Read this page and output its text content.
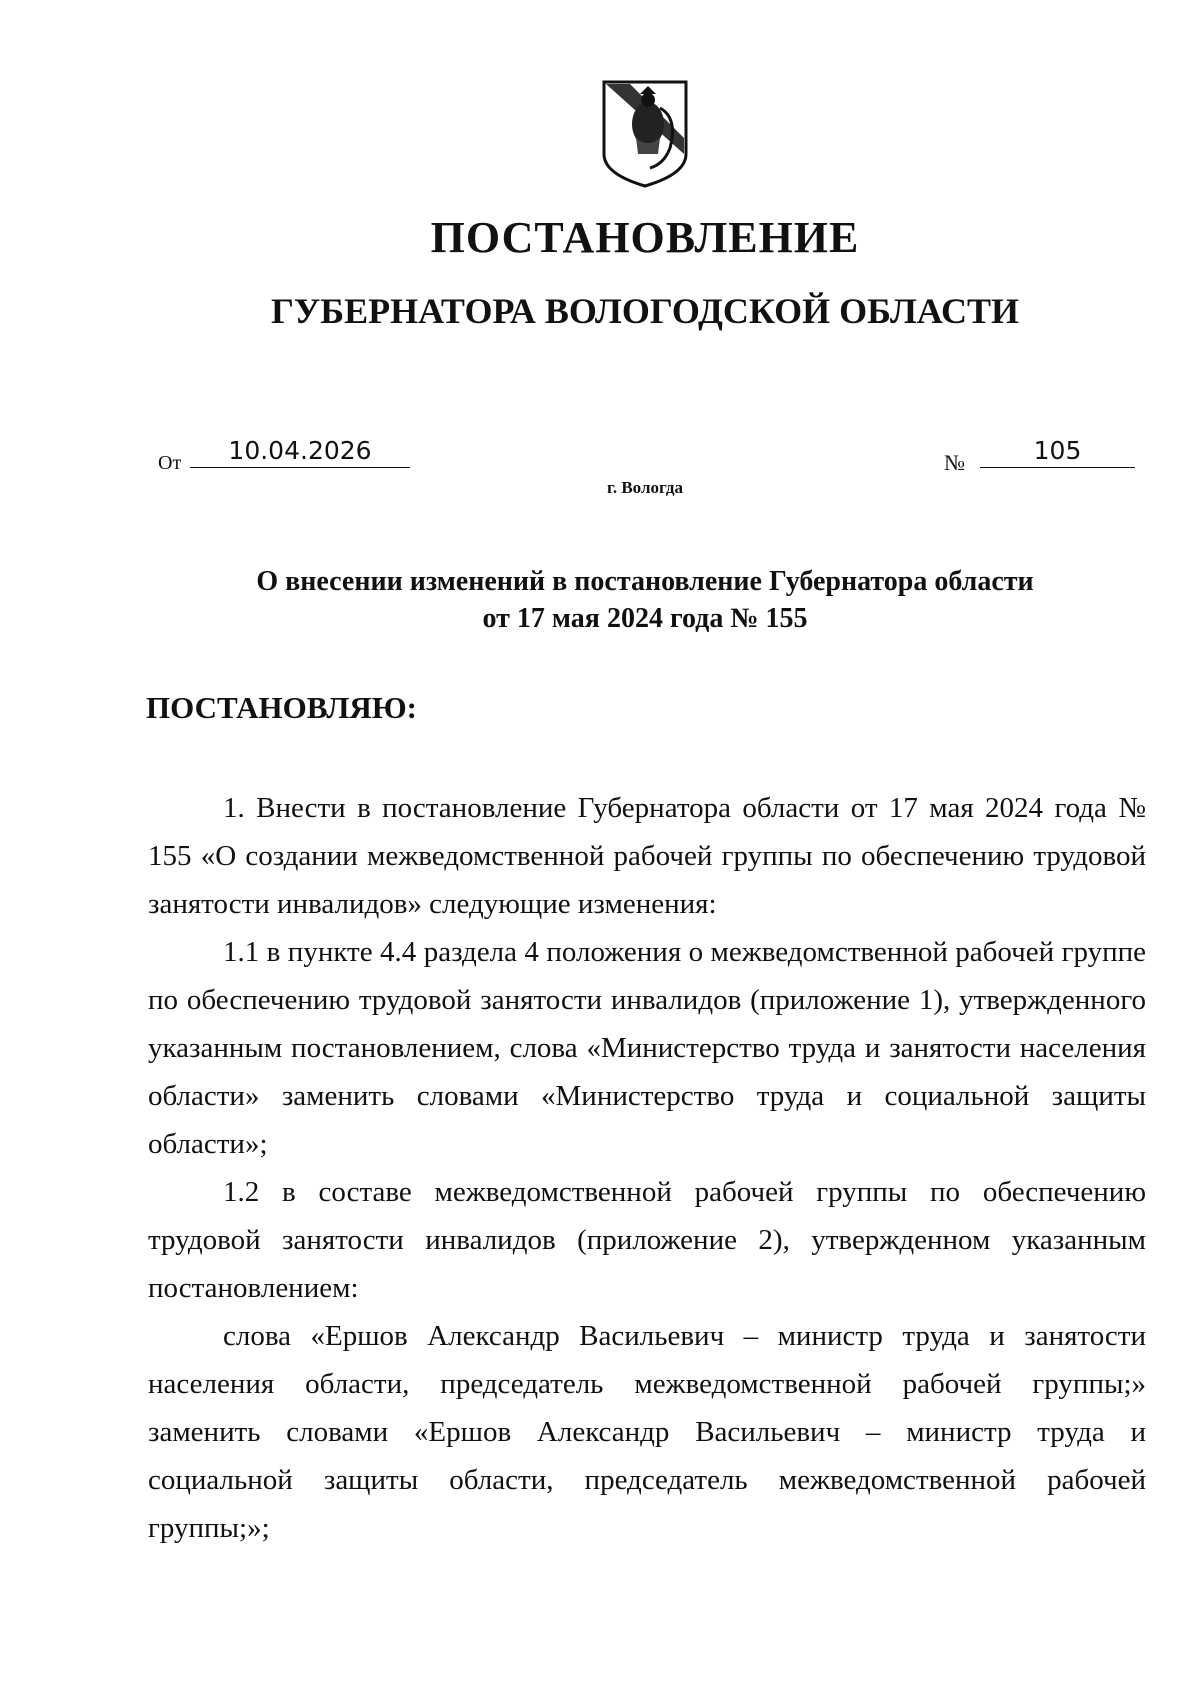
ПОСТАНОВЛЕНИЕ
ГУБЕРНАТОРА ВОЛОГОДСКОЙ ОБЛАСТИ
От	10.04.2026	№	105
г. Вологда
О внесении изменений в постановление Губернатора области
от 17 мая 2024 года № 155
ПОСТАНОВЛЯЮ:

1. Внести в постановление Губернатора области от 17 мая 2024 года № 155 «О создании межведомственной рабочей группы по обеспечению трудовой занятости инвалидов» следующие изменения:

1.1 в пункте 4.4 раздела 4 положения о межведомственной рабочей группе по обеспечению трудовой занятости инвалидов (приложение 1), утвержденного указанным постановлением, слова «Министерство труда и занятости населения области» заменить словами «Министерство труда и социальной защиты области»;

1.2 в составе межведомственной рабочей группы по обеспечению трудовой занятости инвалидов (приложение 2), утвержденном указанным постановлением:

слова «Ершов Александр Васильевич – министр труда и занятости населения области, председатель межведомственной рабочей группы;» заменить словами «Ершов Александр Васильевич – министр труда и социальной защиты области, председатель межведомственной рабочей группы;»;
